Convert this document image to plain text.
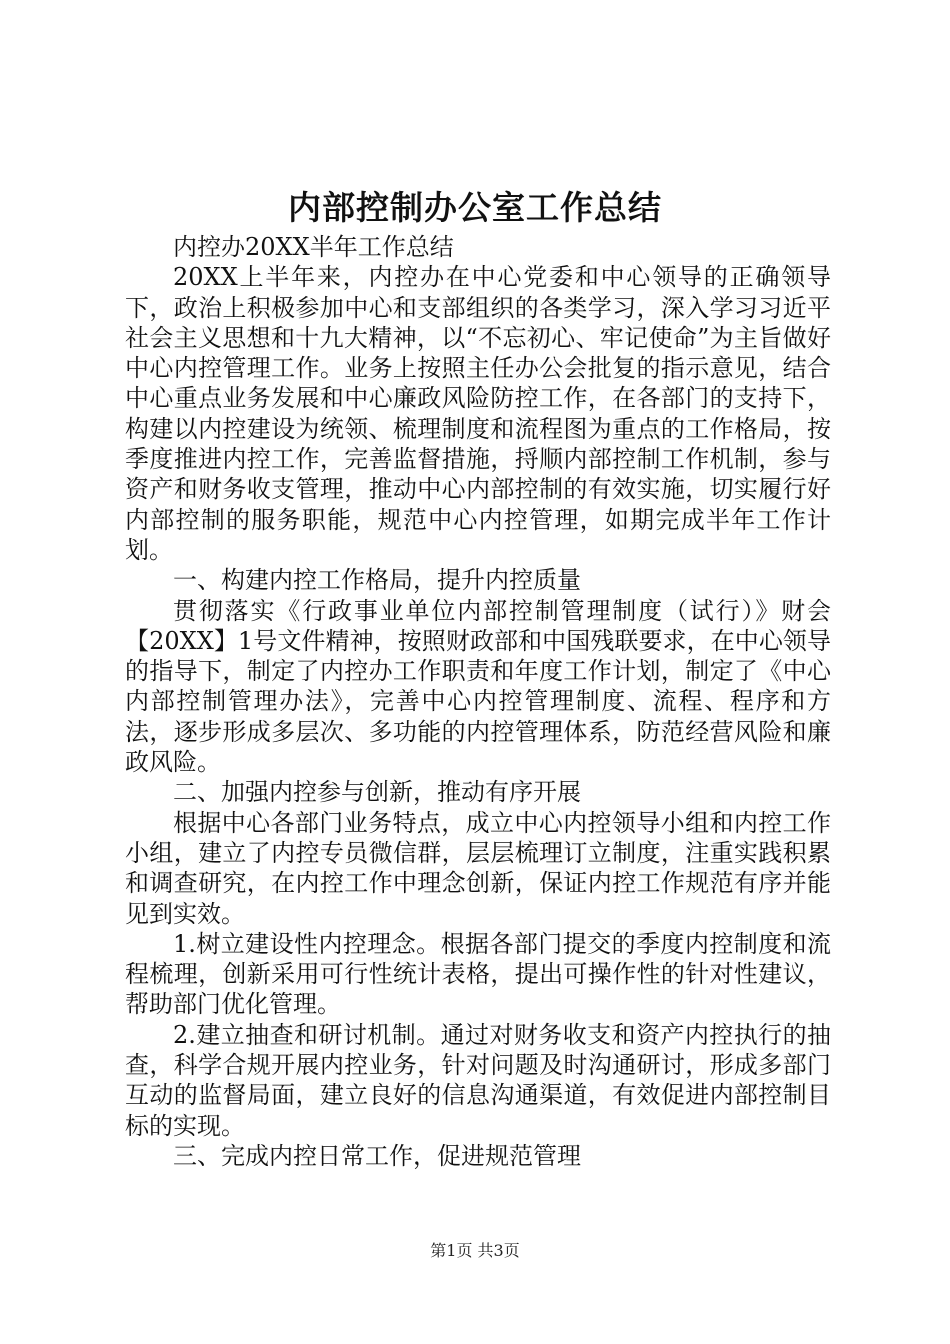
内部控制办公室工作总结

内控办20XX半年工作总结

20XX上半年来，内控办在中心党委和中心领导的正确领导下，政治上积极参加中心和支部组织的各类学习，深入学习习近平社会主义思想和十九大精神，以“不忘初心、牢记使命”为主旨做好中心内控管理工作。业务上按照主任办公会批复的指示意见，结合中心重点业务发展和中心廉政风险防控工作，在各部门的支持下，构建以内控建设为统领、梳理制度和流程图为重点的工作格局，按季度推进内控工作，完善监督措施，捋顺内部控制工作机制，参与资产和财务收支管理，推动中心内部控制的有效实施，切实履行好内部控制的服务职能，规范中心内控管理，如期完成半年工作计划。

一、构建内控工作格局，提升内控质量

贯彻落实《行政事业单位内部控制管理制度（试行）》财会【20XX】1号文件精神，按照财政部和中国残联要求，在中心领导的指导下，制定了内控办工作职责和年度工作计划，制定了《中心内部控制管理办法》，完善中心内控管理制度、流程、程序和方法，逐步形成多层次、多功能的内控管理体系，防范经营风险和廉政风险。

二、加强内控参与创新，推动有序开展

根据中心各部门业务特点，成立中心内控领导小组和内控工作小组，建立了内控专员微信群，层层梳理订立制度，注重实践积累和调查研究，在内控工作中理念创新，保证内控工作规范有序并能见到实效。

1.树立建设性内控理念。根据各部门提交的季度内控制度和流程梳理，创新采用可行性统计表格，提出可操作性的针对性建议，帮助部门优化管理。

2.建立抽查和研讨机制。通过对财务收支和资产内控执行的抽查，科学合规开展内控业务，针对问题及时沟通研讨，形成多部门互动的监督局面，建立良好的信息沟通渠道，有效促进内部控制目标的实现。

三、完成内控日常工作，促进规范管理

第1页 共3页
